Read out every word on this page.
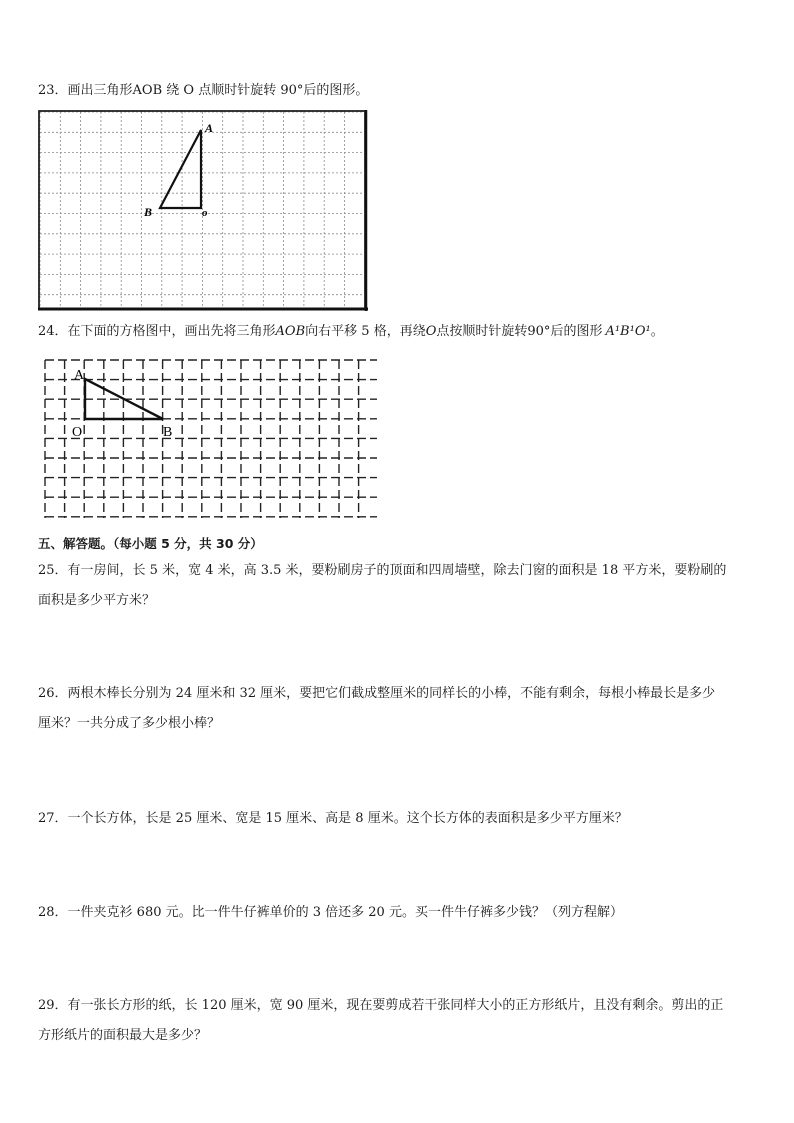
23．画出三角形AOB 绕 O 点顺时针旋转 90°后的图形。
A
B	o
24．在下面的方格图中，画出先将三角形AOB向右平移 5 格，再绕O点按顺时针旋转90°后的图形 A¹B¹O¹。
A
O	B
五、解答题。（每小题 5 分，共 30 分）
25．有一房间，长 5 米，宽 4 米，高 3.5 米，要粉刷房子的顶面和四周墙壁，除去门窗的面积是 18 平方米，要粉刷的
面积是多少平方米？
26．两根木棒长分别为 24 厘米和 32 厘米，要把它们截成整厘米的同样长的小棒，不能有剩余，每根小棒最长是多少
厘米？一共分成了多少根小棒？
27．一个长方体，长是 25 厘米、宽是 15 厘米、高是 8 厘米。这个长方体的表面积是多少平方厘米？
28．一件夹克衫 680 元。比一件牛仔裤单价的 3 倍还多 20 元。买一件牛仔裤多少钱？（列方程解）
29．有一张长方形的纸，长 120 厘米，宽 90 厘米，现在要剪成若干张同样大小的正方形纸片，且没有剩余。剪出的正
方形纸片的面积最大是多少？
